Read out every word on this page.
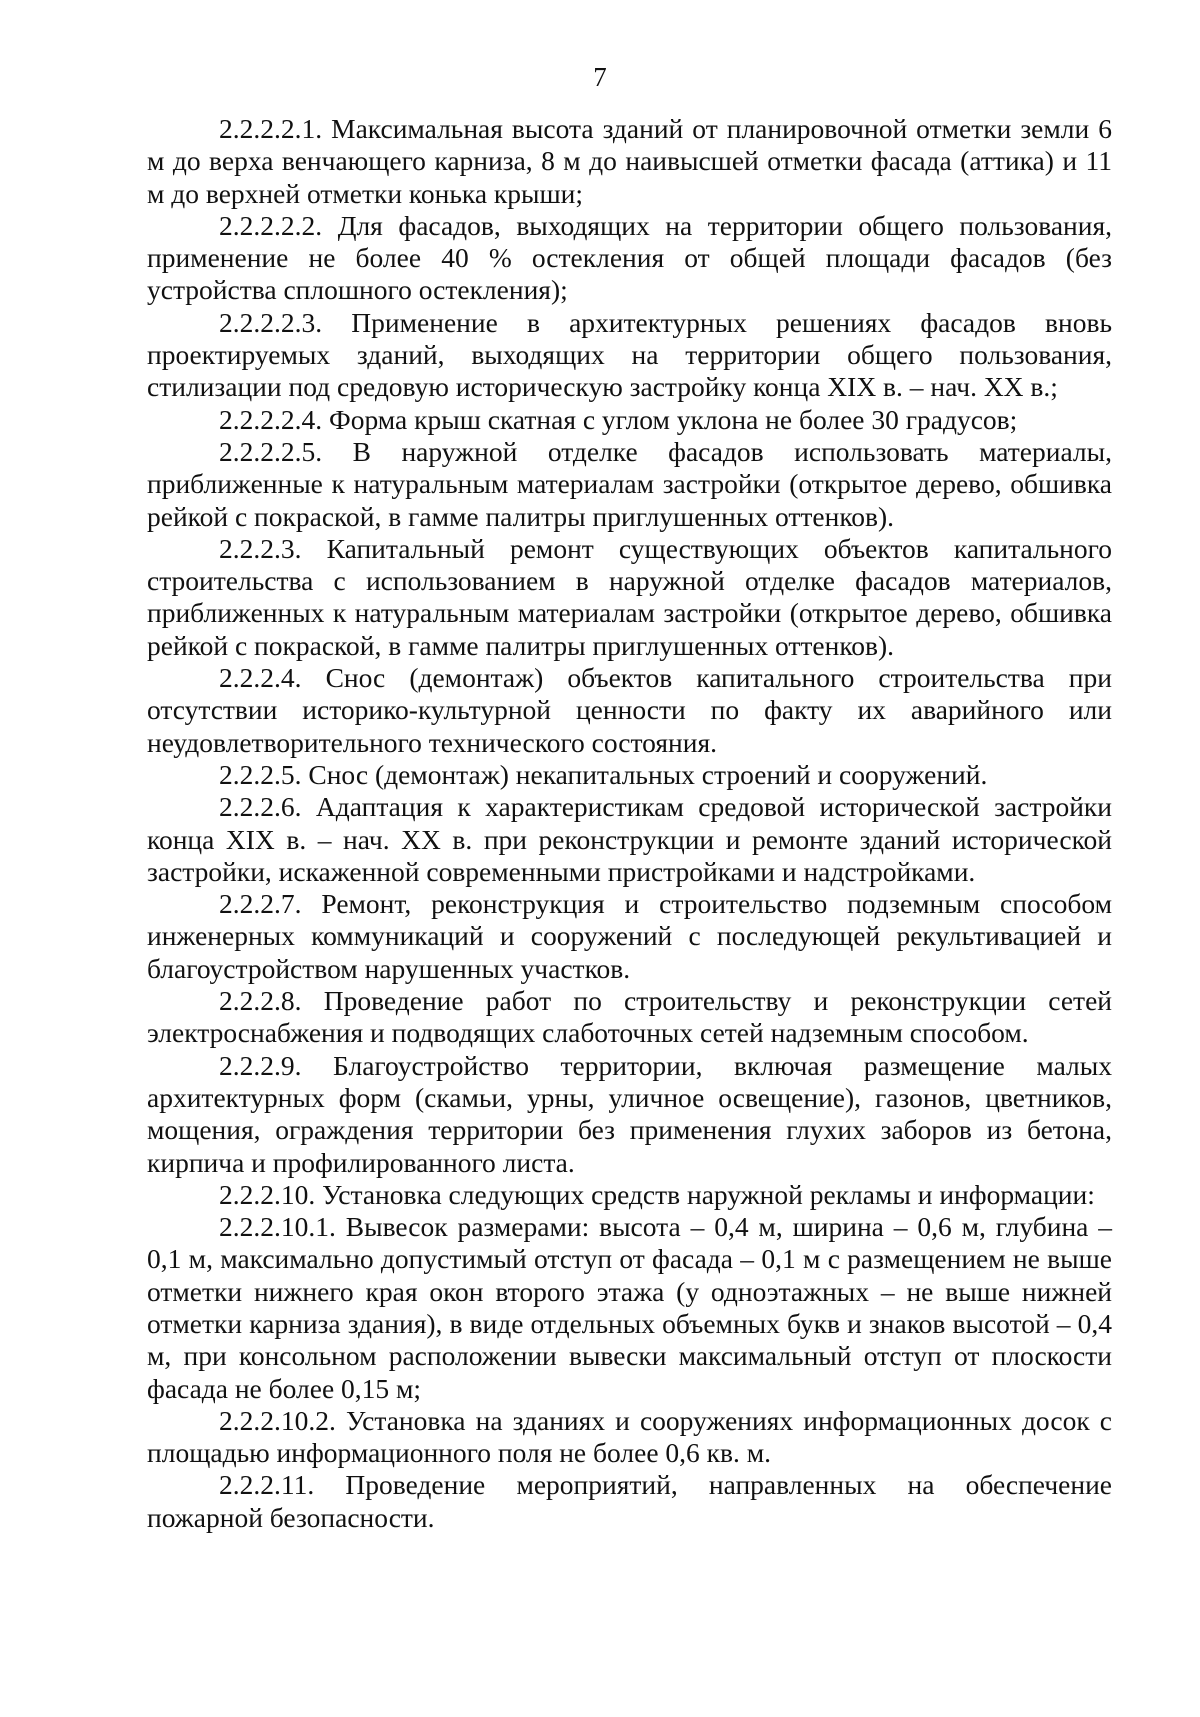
7

2.2.2.2.1. Максимальная высота зданий от планировочной отметки земли 6 м до верха венчающего карниза, 8 м до наивысшей отметки фасада (аттика) и 11 м до верхней отметки конька крыши;

2.2.2.2.2. Для фасадов, выходящих на территории общего пользования, применение не более 40 % остекления от общей площади фасадов (без устройства сплошного остекления);

2.2.2.2.3. Применение в архитектурных решениях фасадов вновь проектируемых зданий, выходящих на территории общего пользования, стилизации под средовую историческую застройку конца XIX в. – нач. XX в.;

2.2.2.2.4. Форма крыш скатная с углом уклона не более 30 градусов;

2.2.2.2.5. В наружной отделке фасадов использовать материалы, приближенные к натуральным материалам застройки (открытое дерево, обшивка рейкой с покраской, в гамме палитры приглушенных оттенков).

2.2.2.3. Капитальный ремонт существующих объектов капитального строительства с использованием в наружной отделке фасадов материалов, приближенных к натуральным материалам застройки (открытое дерево, обшивка рейкой с покраской, в гамме палитры приглушенных оттенков).

2.2.2.4. Снос (демонтаж) объектов капитального строительства при отсутствии историко-культурной ценности по факту их аварийного или неудовлетворительного технического состояния.

2.2.2.5. Снос (демонтаж) некапитальных строений и сооружений.

2.2.2.6. Адаптация к характеристикам средовой исторической застройки конца XIX в. – нач. XX в. при реконструкции и ремонте зданий исторической застройки, искаженной современными пристройками и надстройками.

2.2.2.7. Ремонт, реконструкция и строительство подземным способом инженерных коммуникаций и сооружений с последующей рекультивацией и благоустройством нарушенных участков.

2.2.2.8. Проведение работ по строительству и реконструкции сетей электроснабжения и подводящих слаботочных сетей надземным способом.

2.2.2.9. Благоустройство территории, включая размещение малых архитектурных форм (скамьи, урны, уличное освещение), газонов, цветников, мощения, ограждения территории без применения глухих заборов из бетона, кирпича и профилированного листа.

2.2.2.10. Установка следующих средств наружной рекламы и информации:

2.2.2.10.1. Вывесок размерами: высота – 0,4 м, ширина – 0,6 м, глубина – 0,1 м, максимально допустимый отступ от фасада – 0,1 м с размещением не выше отметки нижнего края окон второго этажа (у одноэтажных – не выше нижней отметки карниза здания), в виде отдельных объемных букв и знаков высотой – 0,4 м, при консольном расположении вывески максимальный отступ от плоскости фасада не более 0,15 м;

2.2.2.10.2. Установка на зданиях и сооружениях информационных досок с площадью информационного поля не более 0,6 кв. м.

2.2.2.11. Проведение мероприятий, направленных на обеспечение пожарной безопасности.
